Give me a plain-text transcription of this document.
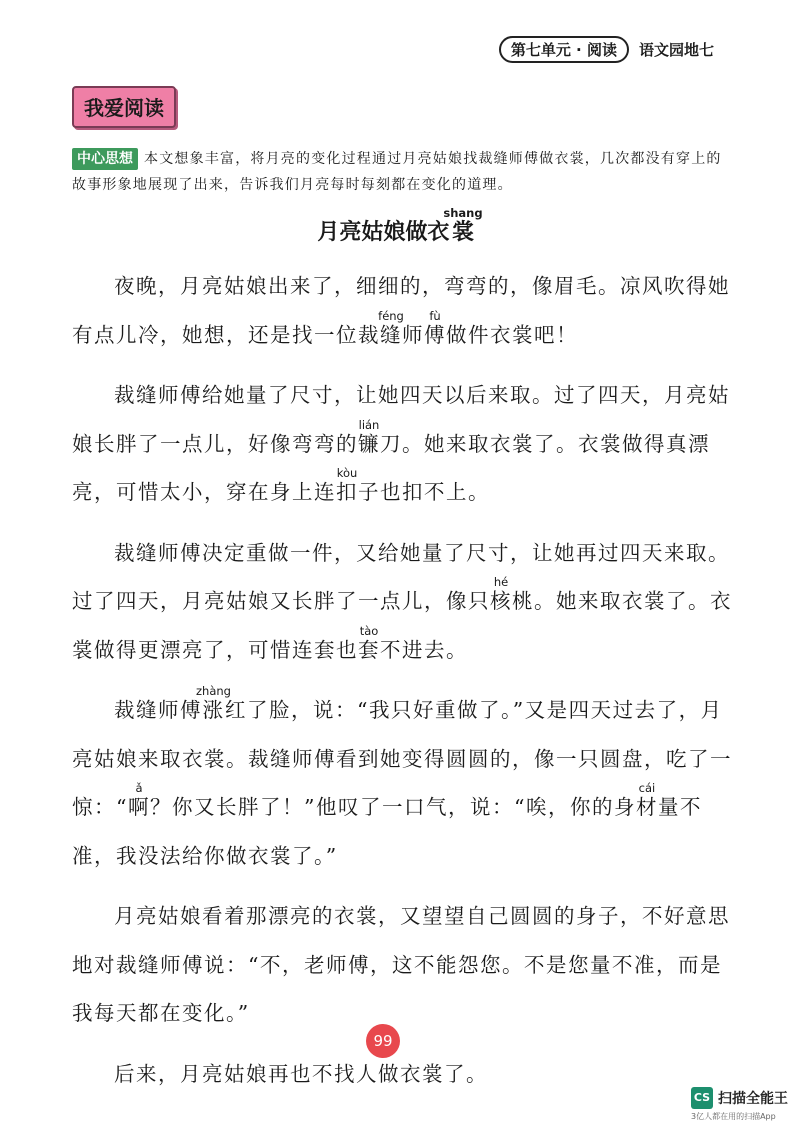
第七单元 · 阅读	语文园地七
我爱阅读
中心思想 本文想象丰富，将月亮的变化过程通过月亮姑娘找裁缝师傅做衣裳，几次都没有穿上的故事形象地展现了出来，告诉我们月亮每时每刻都在变化的道理。
月亮姑娘做衣裳shang

夜晚，月亮姑娘出来了，细细的，弯弯的，像眉毛。凉风吹得她有点儿冷，她想，还是找一位裁缝féng师傅fù做件衣裳吧！

裁缝师傅给她量了尺寸，让她四天以后来取。过了四天，月亮姑娘长胖了一点儿，好像弯弯的镰lián刀。她来取衣裳了。衣裳做得真漂亮，可惜太小，穿在身上连扣kòu子也扣不上。

裁缝师傅决定重做一件，又给她量了尺寸，让她再过四天来取。过了四天，月亮姑娘又长胖了一点儿，像只核hé桃。她来取衣裳了。衣裳做得更漂亮了，可惜连套也套tào不进去。

裁缝师傅涨zhàng红了脸，说：“我只好重做了。”又是四天过去了，月亮姑娘来取衣裳。裁缝师傅看到她变得圆圆的，像一只圆盘，吃了一惊：“啊ǎ？你又长胖了！”他叹了一口气，说：“唉，你的身材cái量不准，我没法给你做衣裳了。”

月亮姑娘看着那漂亮的衣裳，又望望自己圆圆的身子，不好意思地对裁缝师傅说：“不，老师傅，这不能怨您。不是您量不准，而是我每天都在变化。”

后来，月亮姑娘再也不找人做衣裳了。

99
CS 扫描全能王
3亿人都在用的扫描App
